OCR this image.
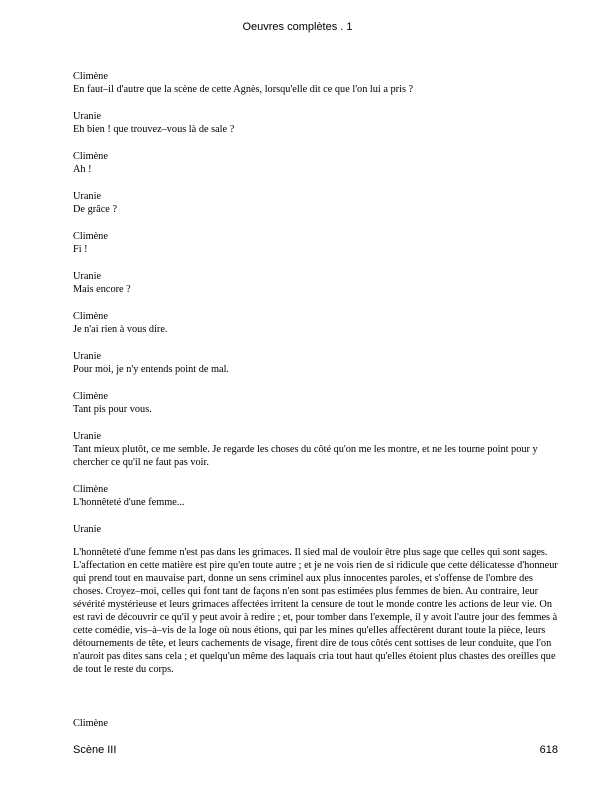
Oeuvres complètes . 1
Climène
En faut–il d'autre que la scène de cette Agnès, lorsqu'elle dit ce que l'on lui a pris ?
Uranie
Eh bien ! que trouvez–vous là de sale ?
Climène
Ah !
Uranie
De grâce ?
Climène
Fi !
Uranie
Mais encore ?
Climène
Je n'ai rien à vous dire.
Uranie
Pour moi, je n'y entends point de mal.
Climène
Tant pis pour vous.
Uranie
Tant mieux plutôt, ce me semble. Je regarde les choses du côté qu'on me les montre, et ne les tourne point pour y chercher ce qu'il ne faut pas voir.
Climène
L'honnêteté d'une femme...
Uranie
L'honnêteté d'une femme n'est pas dans les grimaces. Il sied mal de vouloir être plus sage que celles qui sont sages. L'affectation en cette matière est pire qu'en toute autre ; et je ne vois rien de si ridicule que cette délicatesse d'honneur qui prend tout en mauvaise part, donne un sens criminel aux plus innocentes paroles, et s'offense de l'ombre des choses. Croyez–moi, celles qui font tant de façons n'en sont pas estimées plus femmes de bien. Au contraire, leur sévérité mystérieuse et leurs grimaces affectées irritent la censure de tout le monde contre les actions de leur vie. On est ravi de découvrir ce qu'il y peut avoir à redire ; et, pour tomber dans l'exemple, il y avoit l'autre jour des femmes à cette comédie, vis–à–vis de la loge où nous étions, qui par les mines qu'elles affectèrent durant toute la pièce, leurs détournements de tête, et leurs cachements de visage, firent dire de tous côtés cent sottises de leur conduite, que l'on n'auroit pas dites sans cela ; et quelqu'un même des laquais cria tout haut qu'elles étoient plus chastes des oreilles que de tout le reste du corps.
Climène
Scène III	618
